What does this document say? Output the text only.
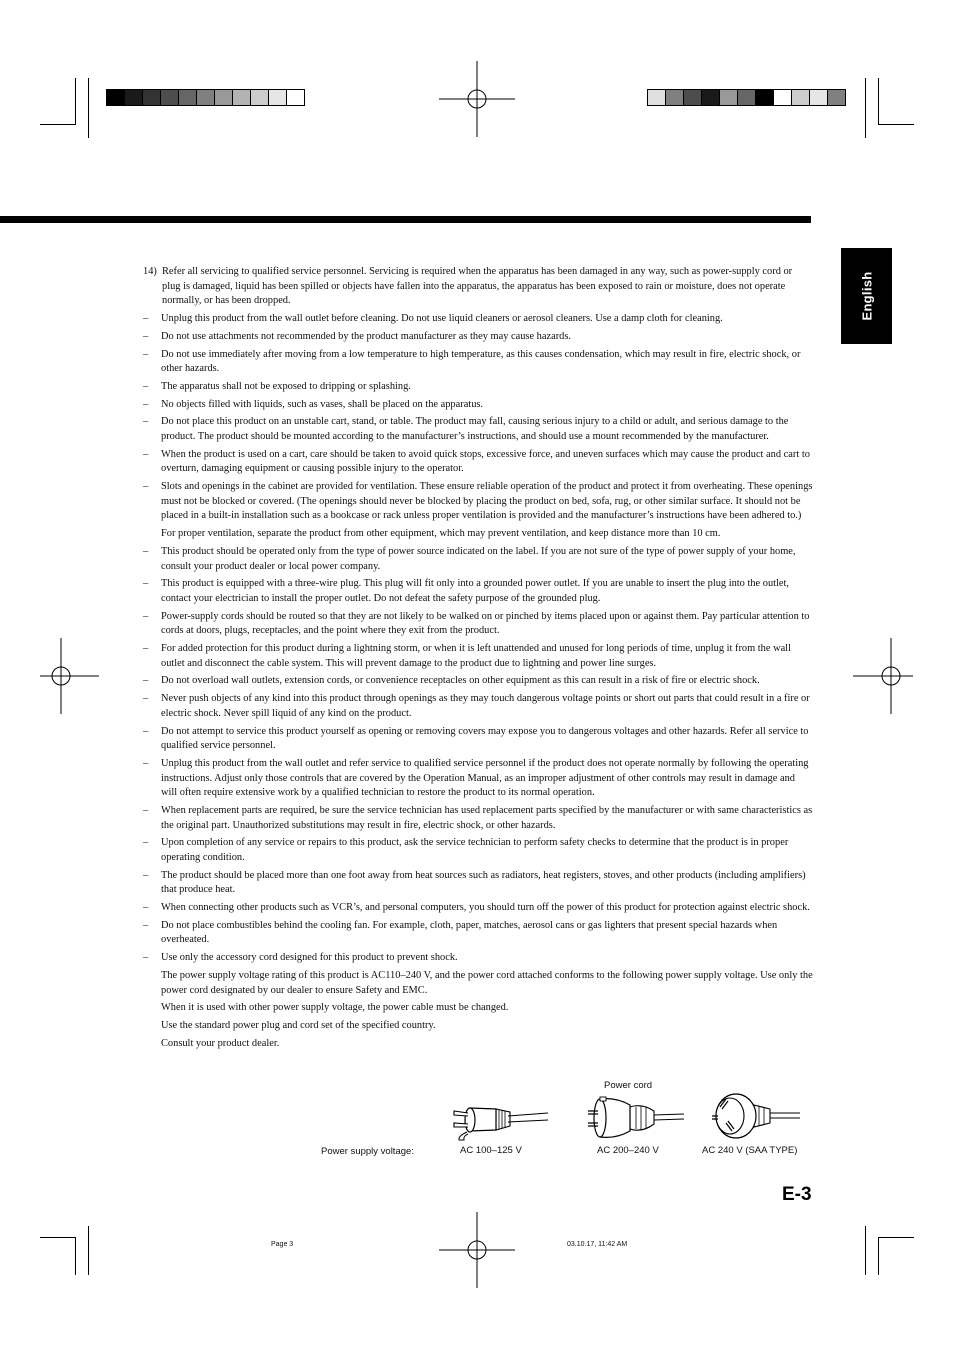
English
14) Refer all servicing to qualified service personnel. Servicing is required when the apparatus has been damaged in any way, such as power-supply cord or plug is damaged, liquid has been spilled or objects have fallen into the apparatus, the apparatus has been exposed to rain or moisture, does not operate normally, or has been dropped.
– Unplug this product from the wall outlet before cleaning. Do not use liquid cleaners or aerosol cleaners. Use a damp cloth for cleaning.
– Do not use attachments not recommended by the product manufacturer as they may cause hazards.
– Do not use immediately after moving from a low temperature to high temperature, as this causes condensation, which may result in fire, electric shock, or other hazards.
– The apparatus shall not be exposed to dripping or splashing.
– No objects filled with liquids, such as vases, shall be placed on the apparatus.
– Do not place this product on an unstable cart, stand, or table. The product may fall, causing serious injury to a child or adult, and serious damage to the product. The product should be mounted according to the manufacturer’s instructions, and should use a mount recommended by the manufacturer.
– When the product is used on a cart, care should be taken to avoid quick stops, excessive force, and uneven surfaces which may cause the product and cart to overturn, damaging equipment or causing possible injury to the operator.
– Slots and openings in the cabinet are provided for ventilation. These ensure reliable operation of the product and protect it from overheating. These openings must not be blocked or covered. (The openings should never be blocked by placing the product on bed, sofa, rug, or other similar surface. It should not be placed in a built-in installation such as a bookcase or rack unless proper ventilation is provided and the manufacturer’s instructions have been adhered to.)
For proper ventilation, separate the product from other equipment, which may prevent ventilation, and keep distance more than 10 cm.
– This product should be operated only from the type of power source indicated on the label. If you are not sure of the type of power supply of your home, consult your product dealer or local power company.
– This product is equipped with a three-wire plug. This plug will fit only into a grounded power outlet. If you are unable to insert the plug into the outlet, contact your electrician to install the proper outlet. Do not defeat the safety purpose of the grounded plug.
– Power-supply cords should be routed so that they are not likely to be walked on or pinched by items placed upon or against them. Pay particular attention to cords at doors, plugs, receptacles, and the point where they exit from the product.
– For added protection for this product during a lightning storm, or when it is left unattended and unused for long periods of time, unplug it from the wall outlet and disconnect the cable system. This will prevent damage to the product due to lightning and power line surges.
– Do not overload wall outlets, extension cords, or convenience receptacles on other equipment as this can result in a risk of fire or electric shock.
– Never push objects of any kind into this product through openings as they may touch dangerous voltage points or short out parts that could result in a fire or electric shock. Never spill liquid of any kind on the product.
– Do not attempt to service this product yourself as opening or removing covers may expose you to dangerous voltages and other hazards. Refer all service to qualified service personnel.
– Unplug this product from the wall outlet and refer service to qualified service personnel if the product does not operate normally by following the operating instructions. Adjust only those controls that are covered by the Operation Manual, as an improper adjustment of other controls may result in damage and will often require extensive work by a qualified technician to restore the product to its normal operation.
– When replacement parts are required, be sure the service technician has used replacement parts specified by the manufacturer or with same characteristics as the original part. Unauthorized substitutions may result in fire, electric shock, or other hazards.
– Upon completion of any service or repairs to this product, ask the service technician to perform safety checks to determine that the product is in proper operating condition.
– The product should be placed more than one foot away from heat sources such as radiators, heat registers, stoves, and other products (including amplifiers) that produce heat.
– When connecting other products such as VCR’s, and personal computers, you should turn off the power of this product for protection against electric shock.
– Do not place combustibles behind the cooling fan. For example, cloth, paper, matches, aerosol cans or gas lighters that present special hazards when overheated.
– Use only the accessory cord designed for this product to prevent shock.
The power supply voltage rating of this product is AC110–240 V, and the power cord attached conforms to the following power supply voltage. Use only the power cord designated by our dealer to ensure Safety and EMC.
When it is used with other power supply voltage, the power cable must be changed.
Use the standard power plug and cord set of the specified country.
Consult your product dealer.
Power cord
Power supply voltage:	AC 100–125 V	AC 200–240 V	AC 240 V (SAA TYPE)
E-3
Page 3	03.10.17, 11:42 AM
